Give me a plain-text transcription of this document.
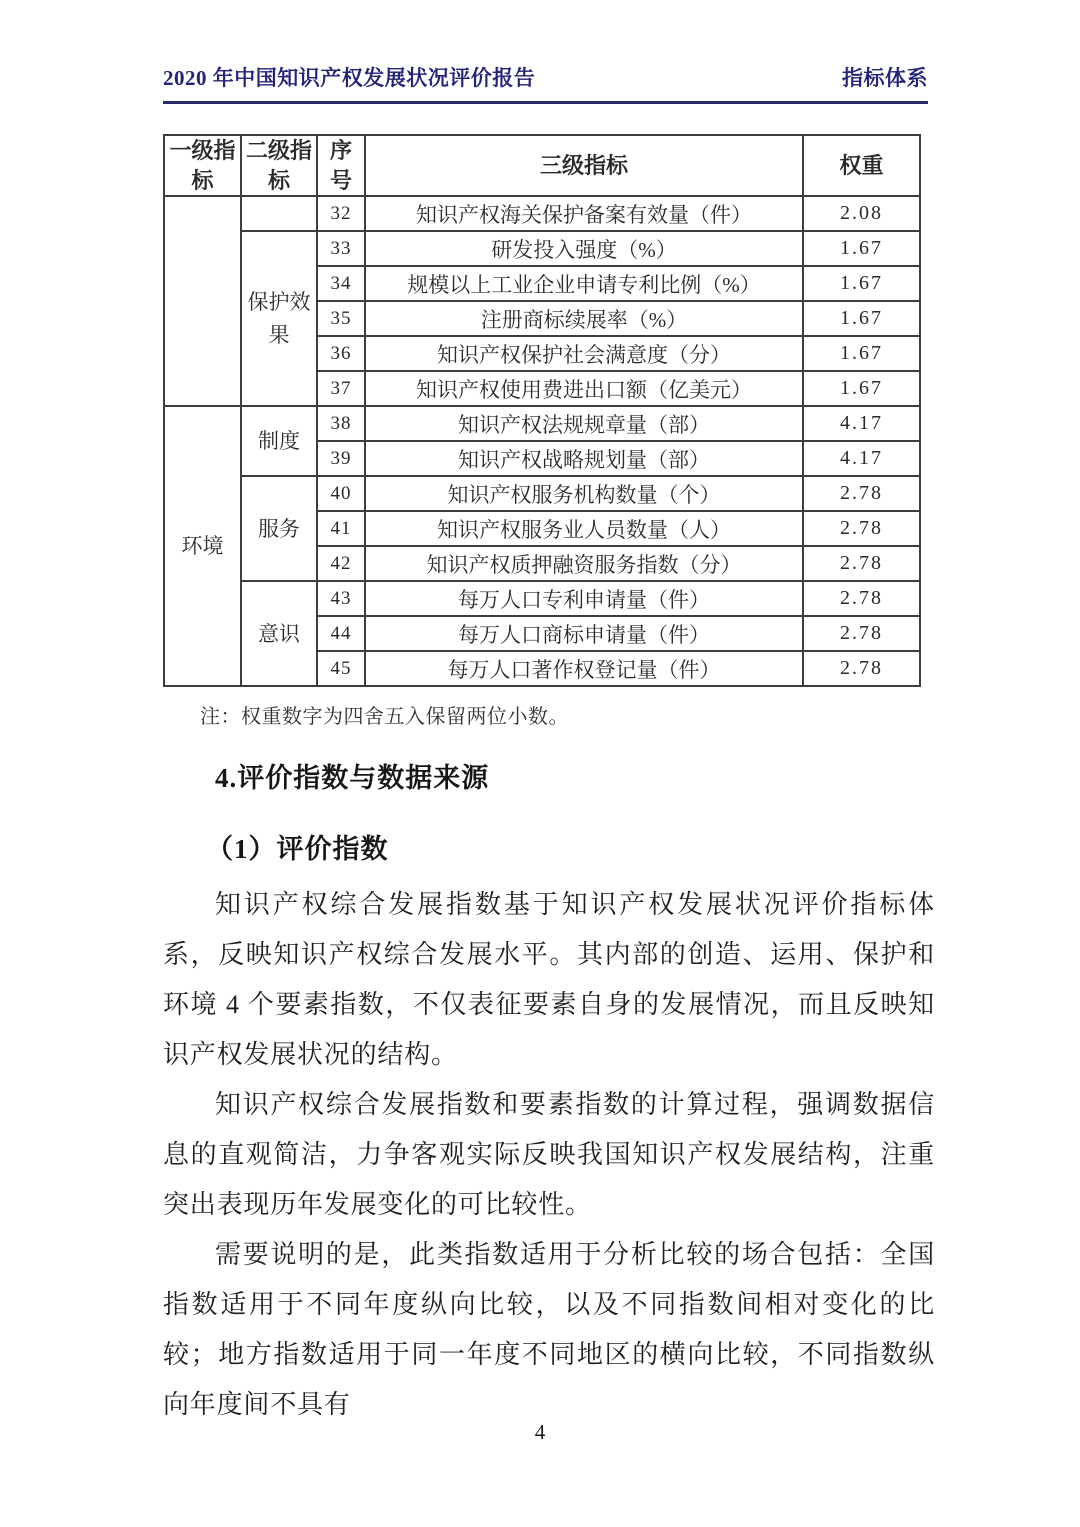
2020 年中国知识产权发展状况评价报告	指标体系
一级指标	二级指标	序号	三级指标	权重
		32	知识产权海关保护备案有效量（件）	2.08
	保护效果	33	研发投入强度（%）	1.67
		34	规模以上工业企业申请专利比例（%）	1.67
		35	注册商标续展率（%）	1.67
		36	知识产权保护社会满意度（分）	1.67
		37	知识产权使用费进出口额（亿美元）	1.67
环境	制度	38	知识产权法规规章量（部）	4.17
		39	知识产权战略规划量（部）	4.17
	服务	40	知识产权服务机构数量（个）	2.78
		41	知识产权服务业人员数量（人）	2.78
		42	知识产权质押融资服务指数（分）	2.78
	意识	43	每万人口专利申请量（件）	2.78
		44	每万人口商标申请量（件）	2.78
		45	每万人口著作权登记量（件）	2.78

注：权重数字为四舍五入保留两位小数。

4.评价指数与数据来源
（1）评价指数

知识产权综合发展指数基于知识产权发展状况评价指标体系，反映知识产权综合发展水平。其内部的创造、运用、保护和环境 4 个要素指数，不仅表征要素自身的发展情况，而且反映知识产权发展状况的结构。

知识产权综合发展指数和要素指数的计算过程，强调数据信息的直观简洁，力争客观实际反映我国知识产权发展结构，注重突出表现历年发展变化的可比较性。

需要说明的是，此类指数适用于分析比较的场合包括：全国指数适用于不同年度纵向比较，以及不同指数间相对变化的比较；地方指数适用于同一年度不同地区的横向比较，不同指数纵向年度间不具有

4
